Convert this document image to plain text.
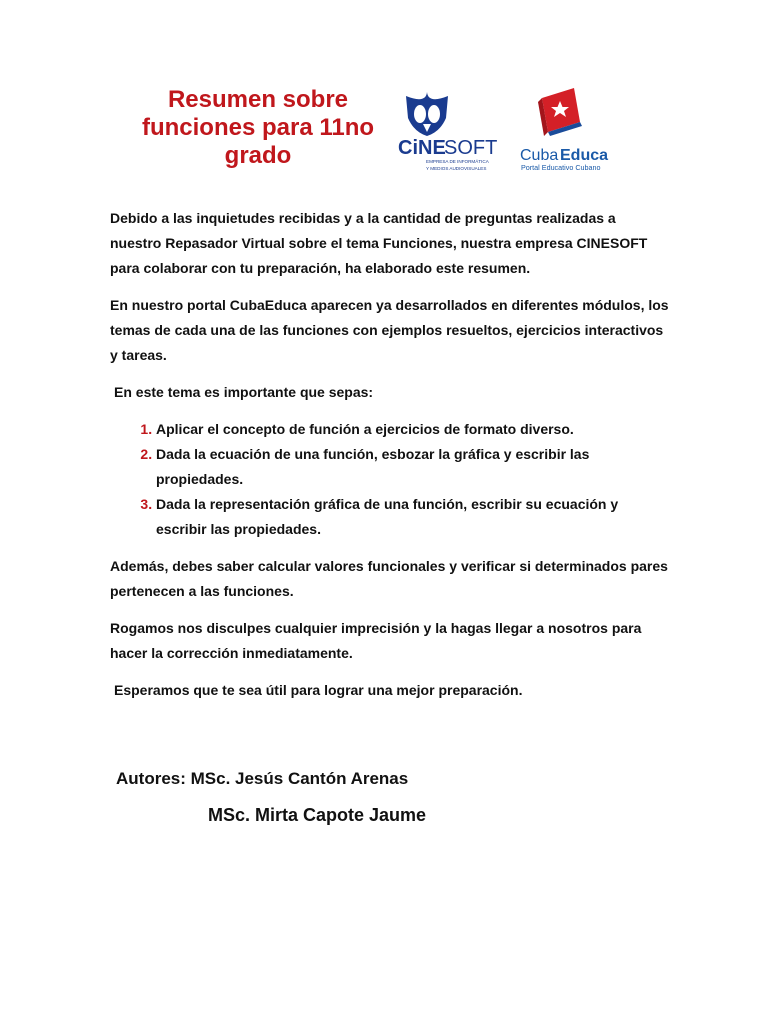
Resumen sobre
funciones para 11no
grado	CiNE
SOFT
EMPRESA DE INFORMÁTICA
Y MEDIOS AUDIOVISUALES
Cuba Educa
Portal Educativo Cubano

Debido a las inquietudes recibidas y a la cantidad de preguntas realizadas a nuestro Repasador Virtual sobre el tema Funciones, nuestra empresa CINESOFT para colaborar con tu preparación, ha elaborado este resumen.

En nuestro portal CubaEduca aparecen ya desarrollados en diferentes módulos, los temas de cada una de las funciones con ejemplos resueltos, ejercicios interactivos y tareas.

En este tema es importante que sepas:

1. Aplicar el concepto de función a ejercicios de formato diverso.
2. Dada la ecuación de una función, esbozar la gráfica y escribir las propiedades.
3. Dada la representación gráfica de una función, escribir su ecuación y escribir las propiedades.

Además, debes saber calcular valores funcionales y verificar si determinados pares pertenecen a las funciones.

Rogamos nos disculpes cualquier imprecisión y la hagas llegar a nosotros para hacer la corrección inmediatamente.

Esperamos que te sea útil para lograr una mejor preparación.

Autores: MSc. Jesús Cantón Arenas
MSc. Mirta Capote Jaume
